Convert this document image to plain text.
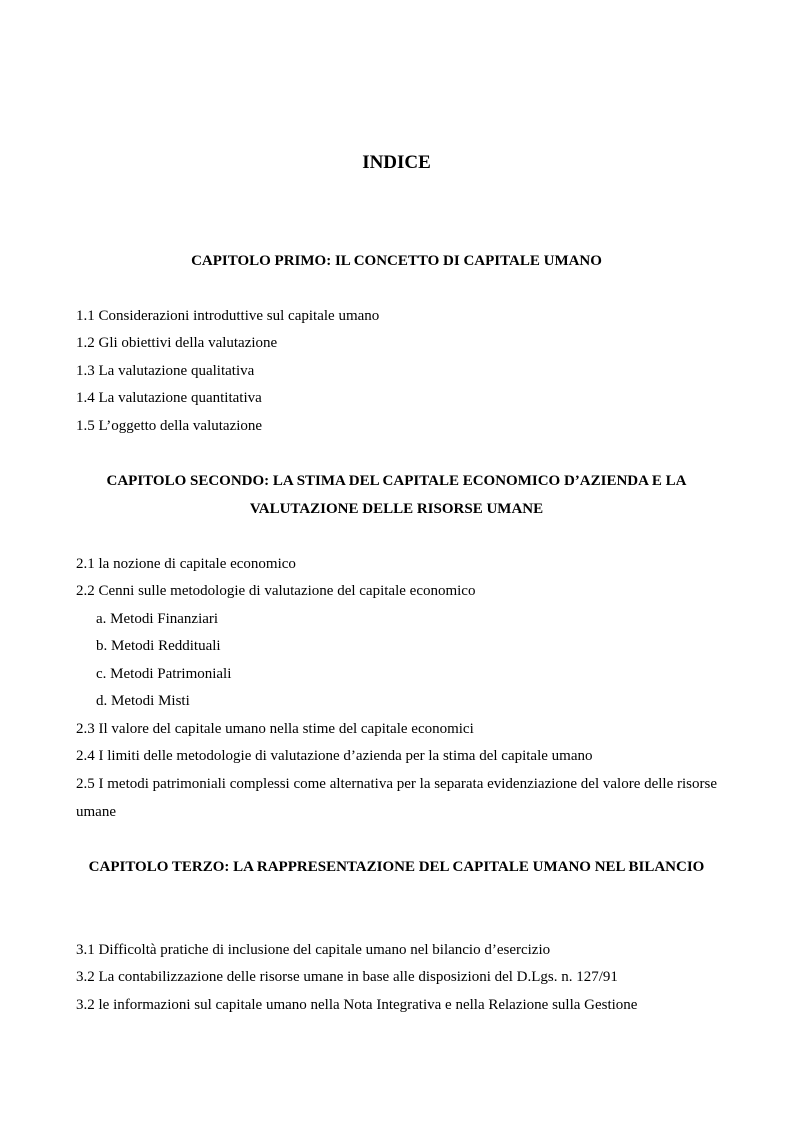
INDICE
CAPITOLO PRIMO: IL CONCETTO DI CAPITALE UMANO

1.1 Considerazioni introduttive sul capitale umano

1.2 Gli obiettivi della valutazione

1.3 La valutazione qualitativa

1.4 La valutazione quantitativa

1.5 L’oggetto della valutazione

CAPITOLO SECONDO: LA STIMA DEL CAPITALE ECONOMICO D’AZIENDA E LA VALUTAZIONE DELLE RISORSE UMANE

2.1 la nozione di capitale economico

2.2 Cenni sulle metodologie di valutazione del capitale economico

a. Metodi Finanziari

b. Metodi Reddituali

c. Metodi Patrimoniali

d. Metodi Misti

2.3 Il valore del capitale umano nella stime del capitale economici

2.4 I limiti delle metodologie di valutazione d’azienda per la stima del capitale umano

2.5 I metodi patrimoniali complessi come alternativa per la separata evidenziazione del valore delle risorse umane

CAPITOLO TERZO: LA RAPPRESENTAZIONE DEL CAPITALE UMANO NEL BILANCIO

3.1 Difficoltà pratiche di inclusione del capitale umano nel bilancio d’esercizio

3.2 La contabilizzazione delle risorse umane in base alle disposizioni del D.Lgs. n. 127/91

3.2 le informazioni sul capitale umano nella Nota Integrativa e nella Relazione sulla Gestione
